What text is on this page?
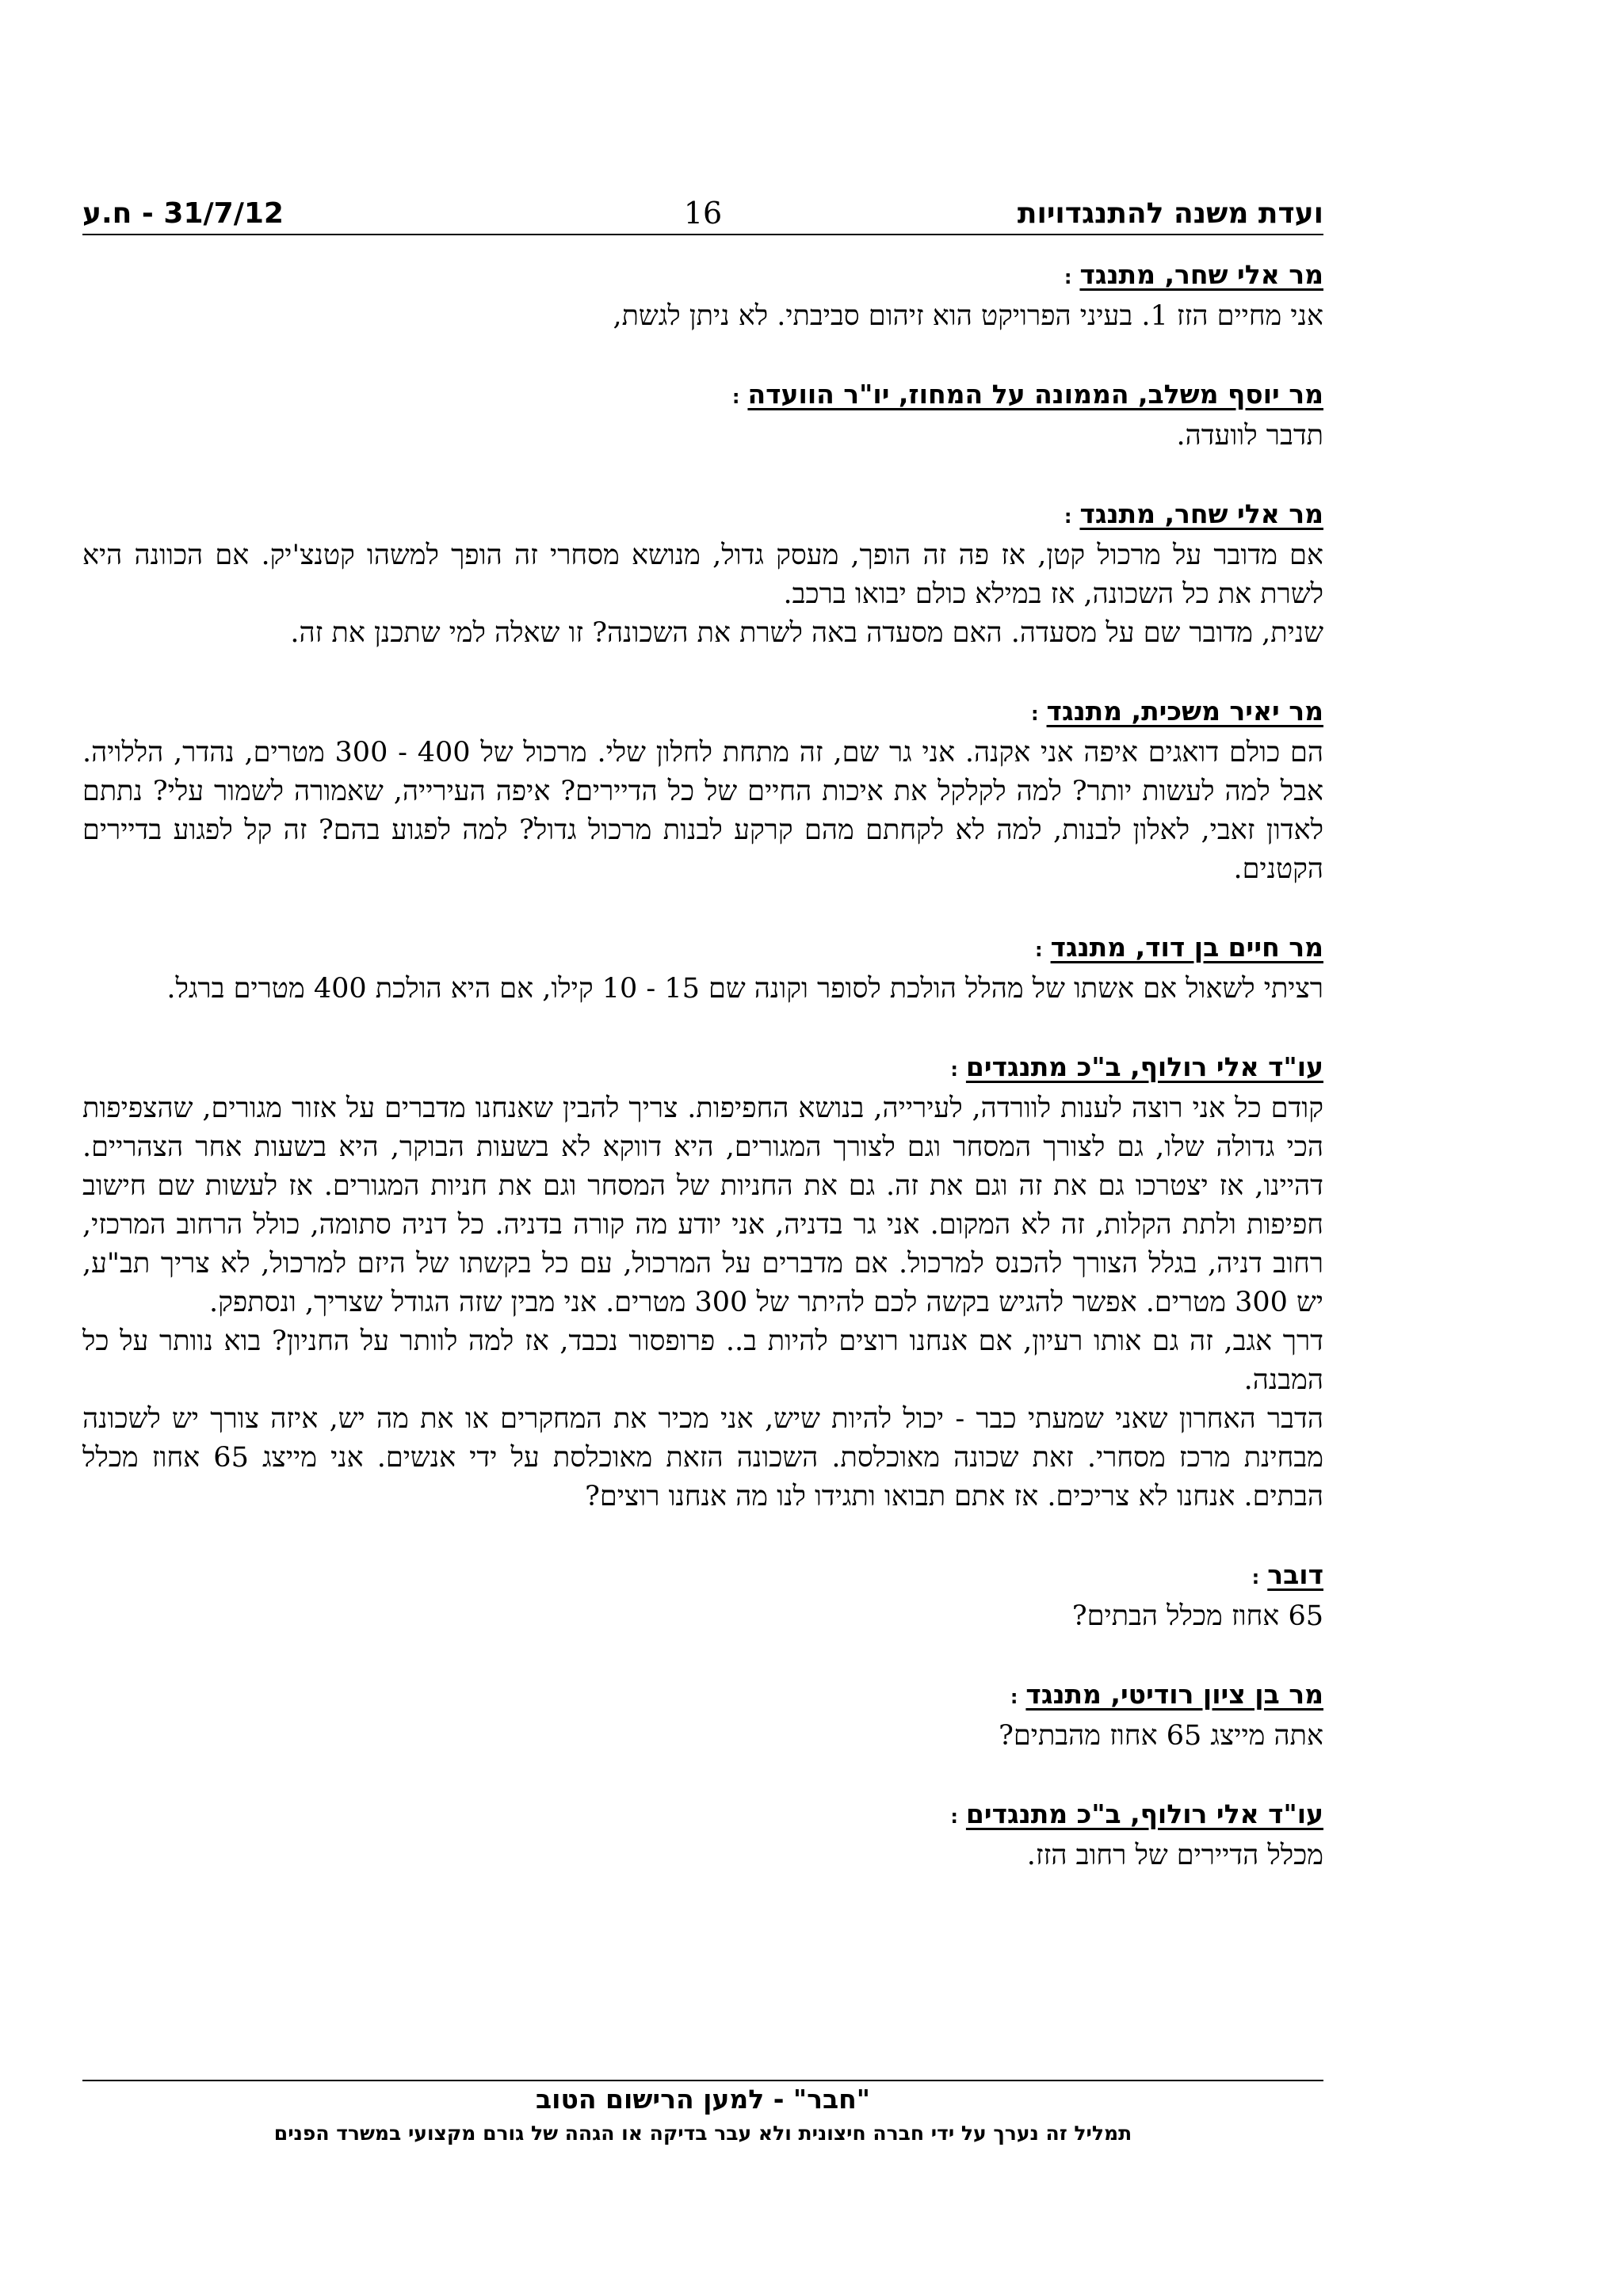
ועדת משנה להתנגדויות
16
31/7/12 - ח.ע

מר אלי שחר, מתנגד:

אני מחיים הזז 1. בעיני הפרויקט הוא זיהום סביבתי. לא ניתן לגשת,

מר יוסף משלב, הממונה על המחוז, יו"ר הוועדה:

תדבר לוועדה.

מר אלי שחר, מתנגד:

אם מדובר על מרכול קטן, אז פה זה הופך, מעסק גדול, מנושא מסחרי זה הופך למשהו קטנצ'יק. אם הכוונה היא לשרת את כל השכונה, אז במילא כולם יבואו ברכב.

שנית, מדובר שם על מסעדה. האם מסעדה באה לשרת את השכונה? זו שאלה למי שתכנן את זה.

מר יאיר משכית, מתנגד:

הם כולם דואגים איפה אני אקנה. אני גר שם, זה מתחת לחלון שלי. מרכול של 400 - 300 מטרים, נהדר, הללויה. אבל למה לעשות יותר? למה לקלקל את איכות החיים של כל הדיירים? איפה העירייה, שאמורה לשמור עלי? נתתם לאדון זאבי, לאלון לבנות, למה לא לקחתם מהם קרקע לבנות מרכול גדול? למה לפגוע בהם? זה קל לפגוע בדיירים הקטנים.

מר חיים בן דוד, מתנגד:

רציתי לשאול אם אשתו של מהלל הולכת לסופר וקונה שם 15 - 10 קילו, אם היא הולכת 400 מטרים ברגל.

עו"ד אלי רולוף, ב"כ מתנגדים:

קודם כל אני רוצה לענות לוורדה, לעירייה, בנושא החפיפות. צריך להבין שאנחנו מדברים על אזור מגורים, שהצפיפות הכי גדולה שלו, גם לצורך המסחר וגם לצורך המגורים, היא דווקא לא בשעות הבוקר, היא בשעות אחר הצהריים. דהיינו, אז יצטרכו גם את זה וגם את זה. גם את החניות של המסחר וגם את חניות המגורים. אז לעשות שם חישוב חפיפות ולתת הקלות, זה לא המקום. אני גר בדניה, אני יודע מה קורה בדניה. כל דניה סתומה, כולל הרחוב המרכזי, רחוב דניה, בגלל הצורך להכנס למרכול. אם מדברים על המרכול, עם כל בקשתו של היזם למרכול, לא צריך תב"ע, יש 300 מטרים. אפשר להגיש בקשה לכם להיתר של 300 מטרים. אני מבין שזה הגודל שצריך, ונסתפק.

דרך אגב, זה גם אותו רעיון, אם אנחנו רוצים להיות ב.. פרופסור נכבד, אז למה לוותר על החניון? בוא נוותר על כל המבנה.

הדבר האחרון שאני שמעתי כבר - יכול להיות שיש, אני מכיר את המחקרים או את מה יש, איזה צורך יש לשכונה מבחינת מרכז מסחרי. זאת שכונה מאוכלסת. השכונה הזאת מאוכלסת על ידי אנשים. אני מייצג 65 אחוז מכלל הבתים. אנחנו לא צריכים. אז אתם תבואו ותגידו לנו מה אנחנו רוצים?

דובר:

65 אחוז מכלל הבתים?

מר בן ציון רודיטי, מתנגד:

אתה מייצג 65 אחוז מהבתים?

עו"ד אלי רולוף, ב"כ מתנגדים:

מכלל הדיירים של רחוב הזז.

"חבר" - למען הרישום הטוב
תמליל זה נערך על ידי חברה חיצונית ולא עבר בדיקה או הגהה של גורם מקצועי במשרד הפנים
